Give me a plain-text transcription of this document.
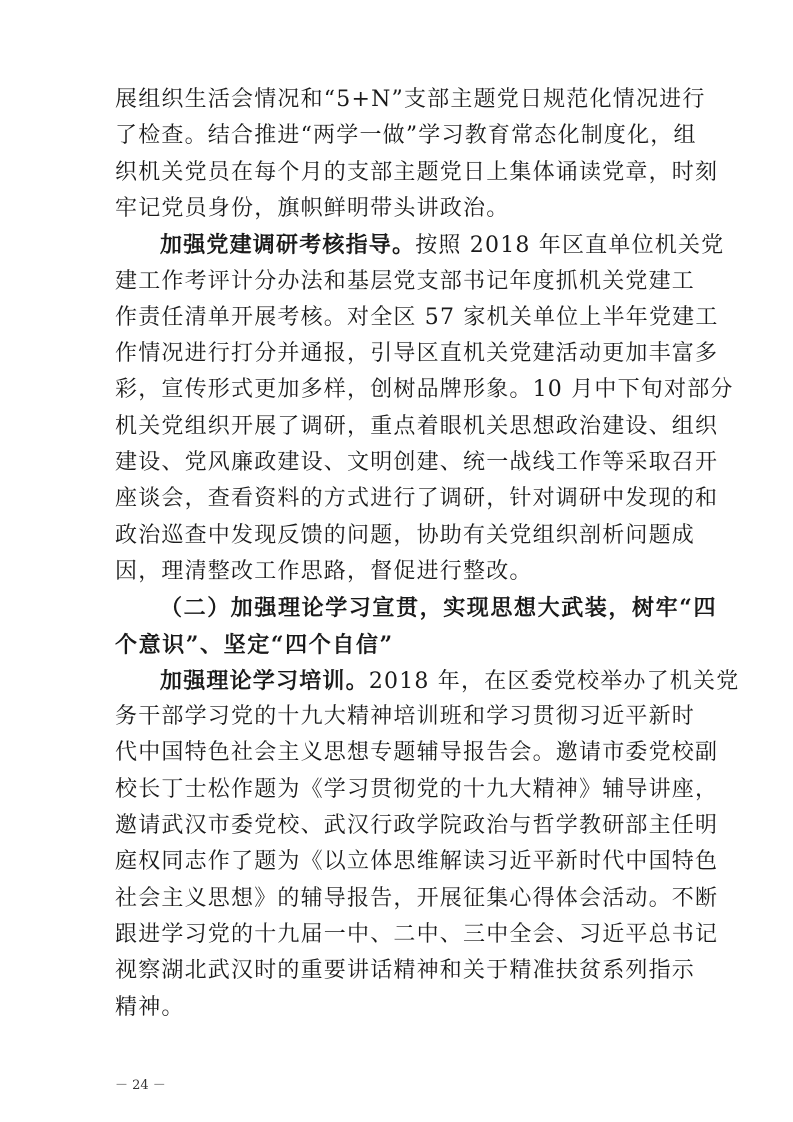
展组织生活会情况和“5+N”支部主题党日规范化情况进行
了检查。结合推进“两学一做”学习教育常态化制度化，组
织机关党员在每个月的支部主题党日上集体诵读党章，时刻
牢记党员身份，旗帜鲜明带头讲政治。
加强党建调研考核指导。按照 2018 年区直单位机关党
建工作考评计分办法和基层党支部书记年度抓机关党建工
作责任清单开展考核。对全区 57 家机关单位上半年党建工
作情况进行打分并通报，引导区直机关党建活动更加丰富多
彩，宣传形式更加多样，创树品牌形象。10 月中下旬对部分
机关党组织开展了调研，重点着眼机关思想政治建设、组织
建设、党风廉政建设、文明创建、统一战线工作等采取召开
座谈会，查看资料的方式进行了调研，针对调研中发现的和
政治巡查中发现反馈的问题，协助有关党组织剖析问题成
因，理清整改工作思路，督促进行整改。
（二）加强理论学习宣贯，实现思想大武装，树牢“四
个意识”、坚定“四个自信”
加强理论学习培训。2018 年，在区委党校举办了机关党
务干部学习党的十九大精神培训班和学习贯彻习近平新时
代中国特色社会主义思想专题辅导报告会。邀请市委党校副
校长丁士松作题为《学习贯彻党的十九大精神》辅导讲座，
邀请武汉市委党校、武汉行政学院政治与哲学教研部主任明
－ 24 －
庭权同志作了题为《以立体思维解读习近平新时代中国特色
社会主义思想》的辅导报告，开展征集心得体会活动。不断
跟进学习党的十九届一中、二中、三中全会、习近平总书记
视察湖北武汉时的重要讲话精神和关于精准扶贫系列指示
精神。
